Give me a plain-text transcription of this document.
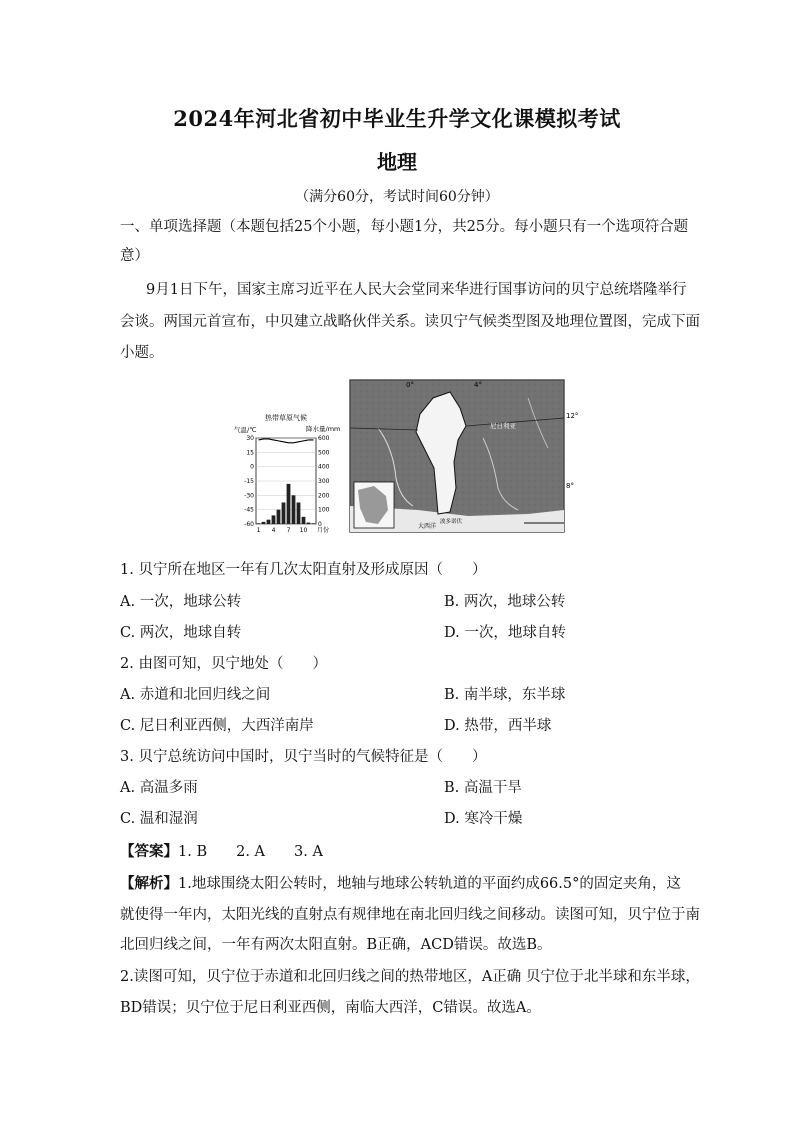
2024年河北省初中毕业生升学文化课模拟考试
地理
（满分60分，考试时间60分钟）
一、单项选择题（本题包括25个小题，每小题1分，共25分。每小题只有一个选项符合题
意）
9月1日下午，国家主席习近平在人民大会堂同来华进行国事访问的贝宁总统塔隆举行
会谈。两国元首宣布，中贝建立战略伙伴关系。读贝宁气候类型图及地理位置图，完成下面
小题。
热带草原气候
气温/℃	降水量/mm
30
15
0
-15
-30
-45
-60
600
500
400
300
200
100
0
1 4 7 10 月份
0°	4°
12°
8°
尼日利亚
大西洋
波多诺伏
1. 贝宁所在地区一年有几次太阳直射及形成原因（　　）
A. 一次，地球公转	B. 两次，地球公转
C. 两次，地球自转	D. 一次，地球自转
2. 由图可知，贝宁地处（　　）
A. 赤道和北回归线之间	B. 南半球，东半球
C. 尼日利亚西侧，大西洋南岸	D. 热带，西半球
3. 贝宁总统访问中国时，贝宁当时的气候特征是（　　）
A. 高温多雨	B. 高温干旱
C. 温和湿润	D. 寒冷干燥
【答案】1. B　　2. A　　3. A
【解析】1.地球围绕太阳公转时，地轴与地球公转轨道的平面约成66.5°的固定夹角，这
就使得一年内，太阳光线的直射点有规律地在南北回归线之间移动。读图可知，贝宁位于南
北回归线之间，一年有两次太阳直射。B正确，ACD错误。故选B。
2.读图可知，贝宁位于赤道和北回归线之间的热带地区，A正确 贝宁位于北半球和东半球，
BD错误；贝宁位于尼日利亚西侧，南临大西洋，C错误。故选A。
